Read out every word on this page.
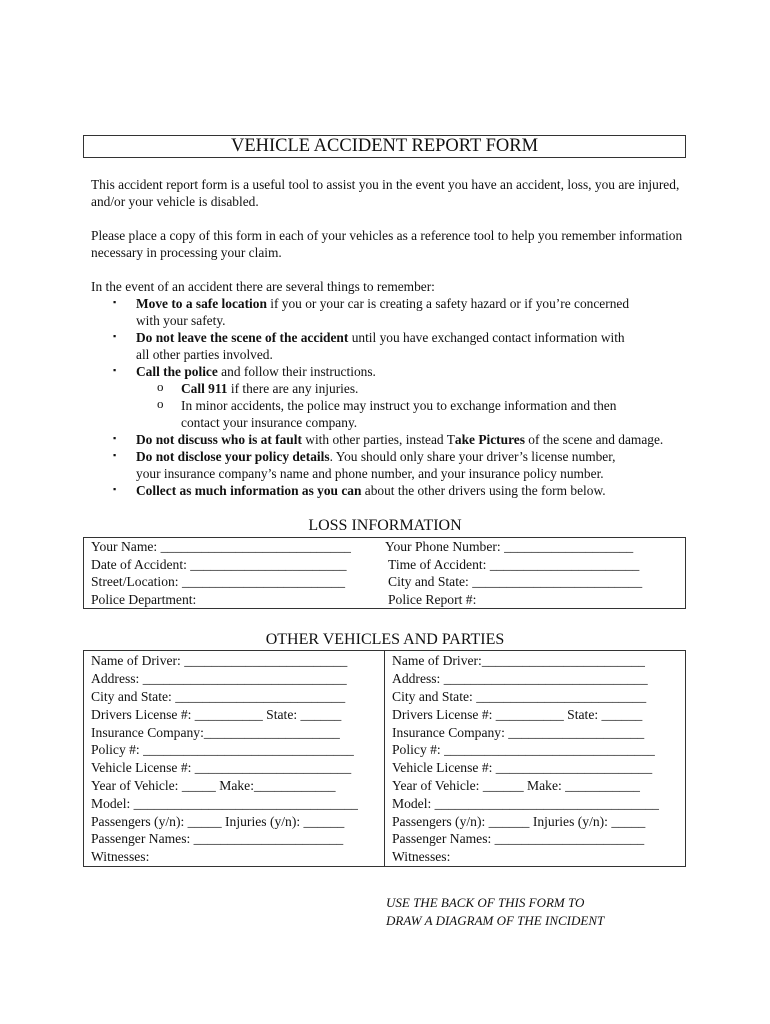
VEHICLE ACCIDENT REPORT FORM
This accident report form is a useful tool to assist you in the event you have an accident, loss, you are injured, and/or your vehicle is disabled.
Please place a copy of this form in each of your vehicles as a reference tool to help you remember information necessary in processing your claim.
In the event of an accident there are several things to remember:
▪ Move to a safe location if you or your car is creating a safety hazard or if you’re concerned
with your safety.
▪ Do not leave the scene of the accident until you have exchanged contact information with
all other parties involved.
▪ Call the police and follow their instructions.
o Call 911 if there are any injuries.
o In minor accidents, the police may instruct you to exchange information and then
contact your insurance company.
▪ Do not discuss who is at fault with other parties, instead Take Pictures of the scene and damage.
▪ Do not disclose your policy details. You should only share your driver’s license number,
your insurance company’s name and phone number, and your insurance policy number.
▪ Collect as much information as you can about the other drivers using the form below.
LOSS INFORMATION
Your Name: ____________________________
Date of Accident: _______________________
Street/Location: ________________________
Police Department:
Your Phone Number: ___________________
Time of Accident: ______________________
City and State: _________________________
Police Report #:
OTHER VEHICLES AND PARTIES
Name of Driver: ________________________
Address: ______________________________
City and State: _________________________
Drivers License #: __________ State: ______
Insurance Company:____________________
Policy #: _______________________________
Vehicle License #: _______________________
Year of Vehicle: _____ Make:____________
Model: _________________________________
Passengers (y/n): _____ Injuries (y/n): ______
Passenger Names: ______________________
Witnesses:
Name of Driver:________________________
Address: ______________________________
City and State: _________________________
Drivers License #: __________ State: ______
Insurance Company: ____________________
Policy #: _______________________________
Vehicle License #: _______________________
Year of Vehicle: ______ Make: ___________
Model: _________________________________
Passengers (y/n): ______ Injuries (y/n): _____
Passenger Names: ______________________
Witnesses:
USE THE BACK OF THIS FORM TO
DRAW A DIAGRAM OF THE INCIDENT
